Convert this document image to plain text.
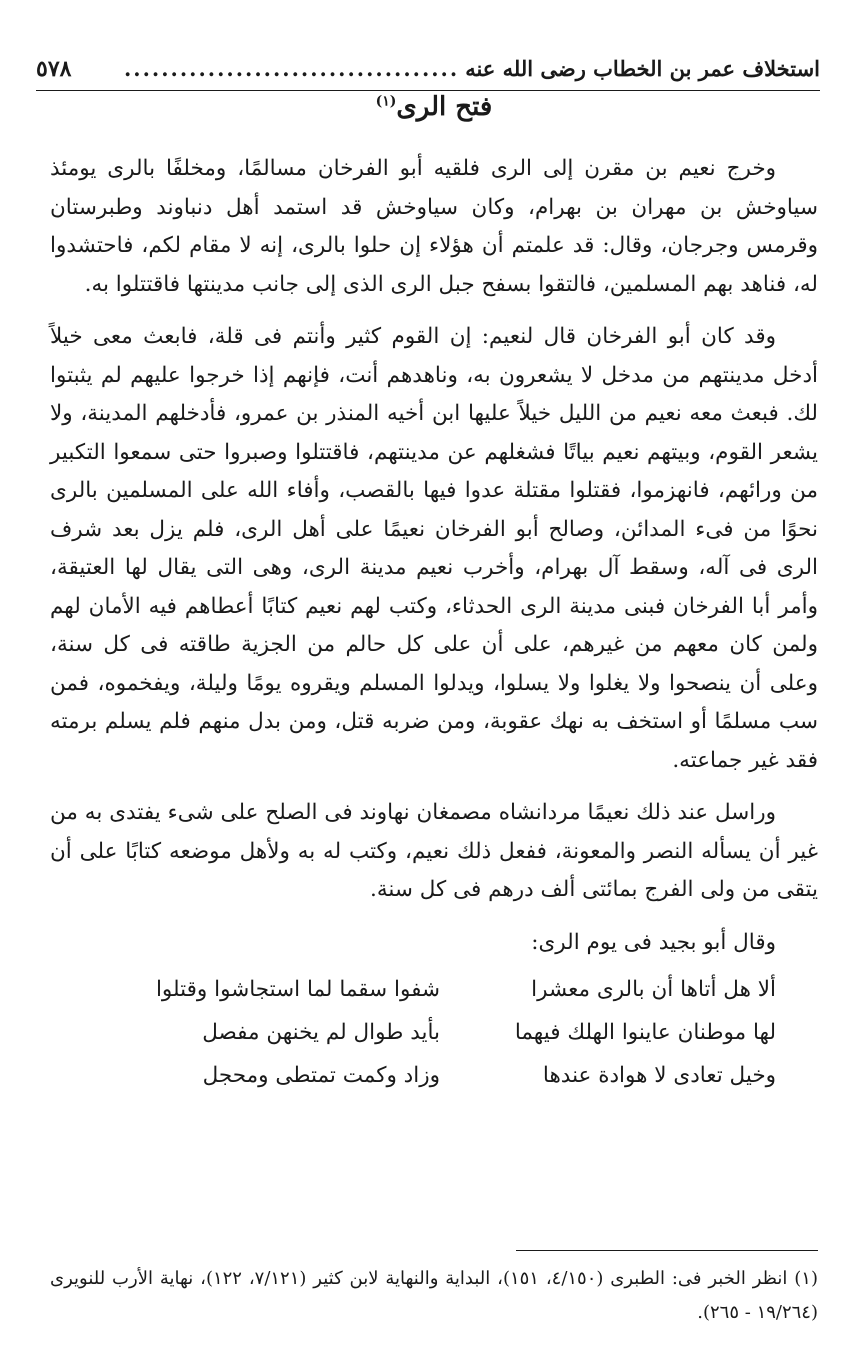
استخلاف عمر بن الخطاب رضى الله عنه
....................................
٥٧٨
فتح الرى$^{(١)}$

وخرج نعيم بن مقرن إلى الرى فلقيه أبو الفرخان مسالمًا، ومخلفًا بالرى يومئذ سياوخش بن مهران بن بهرام، وكان سياوخش قد استمد أهل دنباوند وطبرستان وقرمس وجرجان، وقال: قد علمتم أن هؤلاء إن حلوا بالرى، إنه لا مقام لكم، فاحتشدوا له، فناهد بهم المسلمين، فالتقوا بسفح جبل الرى الذى إلى جانب مدينتها فاقتتلوا به.

وقد كان أبو الفرخان قال لنعيم: إن القوم كثير وأنتم فى قلة، فابعث معى خيلاً أدخل مدينتهم من مدخل لا يشعرون به، وناهدهم أنت، فإنهم إذا خرجوا عليهم لم يثبتوا لك. فبعث معه نعيم من الليل خيلاً عليها ابن أخيه المنذر بن عمرو، فأدخلهم المدينة، ولا يشعر القوم، وبيتهم نعيم بياتًا فشغلهم عن مدينتهم، فاقتتلوا وصبروا حتى سمعوا التكبير من ورائهم، فانهزموا، فقتلوا مقتلة عدوا فيها بالقصب، وأفاء الله على المسلمين بالرى نحوًا من فىء المدائن، وصالح أبو الفرخان نعيمًا على أهل الرى، فلم يزل بعد شرف الرى فى آله، وسقط آل بهرام، وأخرب نعيم مدينة الرى، وهى التى يقال لها العتيقة، وأمر أبا الفرخان فبنى مدينة الرى الحدثاء، وكتب لهم نعيم كتابًا أعطاهم فيه الأمان لهم ولمن كان معهم من غيرهم، على أن على كل حالم من الجزية طاقته فى كل سنة، وعلى أن ينصحوا ولا يغلوا ولا يسلوا، ويدلوا المسلم ويقروه يومًا وليلة، ويفخموه، فمن سب مسلمًا أو استخف به نهك عقوبة، ومن ضربه قتل، ومن بدل منهم فلم يسلم برمته فقد غير جماعته.

وراسل عند ذلك نعيمًا مردانشاه مصمغان نهاوند فى الصلح على شىء يفتدى به من غير أن يسأله النصر والمعونة، ففعل ذلك نعيم، وكتب له به ولأهل موضعه كتابًا على أن يتقى من ولى الفرج بمائتى ألف درهم فى كل سنة.

وقال أبو بجيد فى يوم الرى:

ألا هل أتاها أن بالرى معشرا
شفوا سقما لما استجاشوا وقتلوا
لها موطنان عاينوا الهلك فيهما
بأيد طوال لم يخنهن مفصل
وخيل تعادى لا هوادة عندها
وزاد وكمت تمتطى ومحجل
(١) انظر الخبر فى: الطبرى (٤/١٥٠، ١٥١)، البداية والنهاية لابن كثير (٧/١٢١، ١٢٢)، نهاية الأرب للنويرى (١٩/٢٦٤ - ٢٦٥).
